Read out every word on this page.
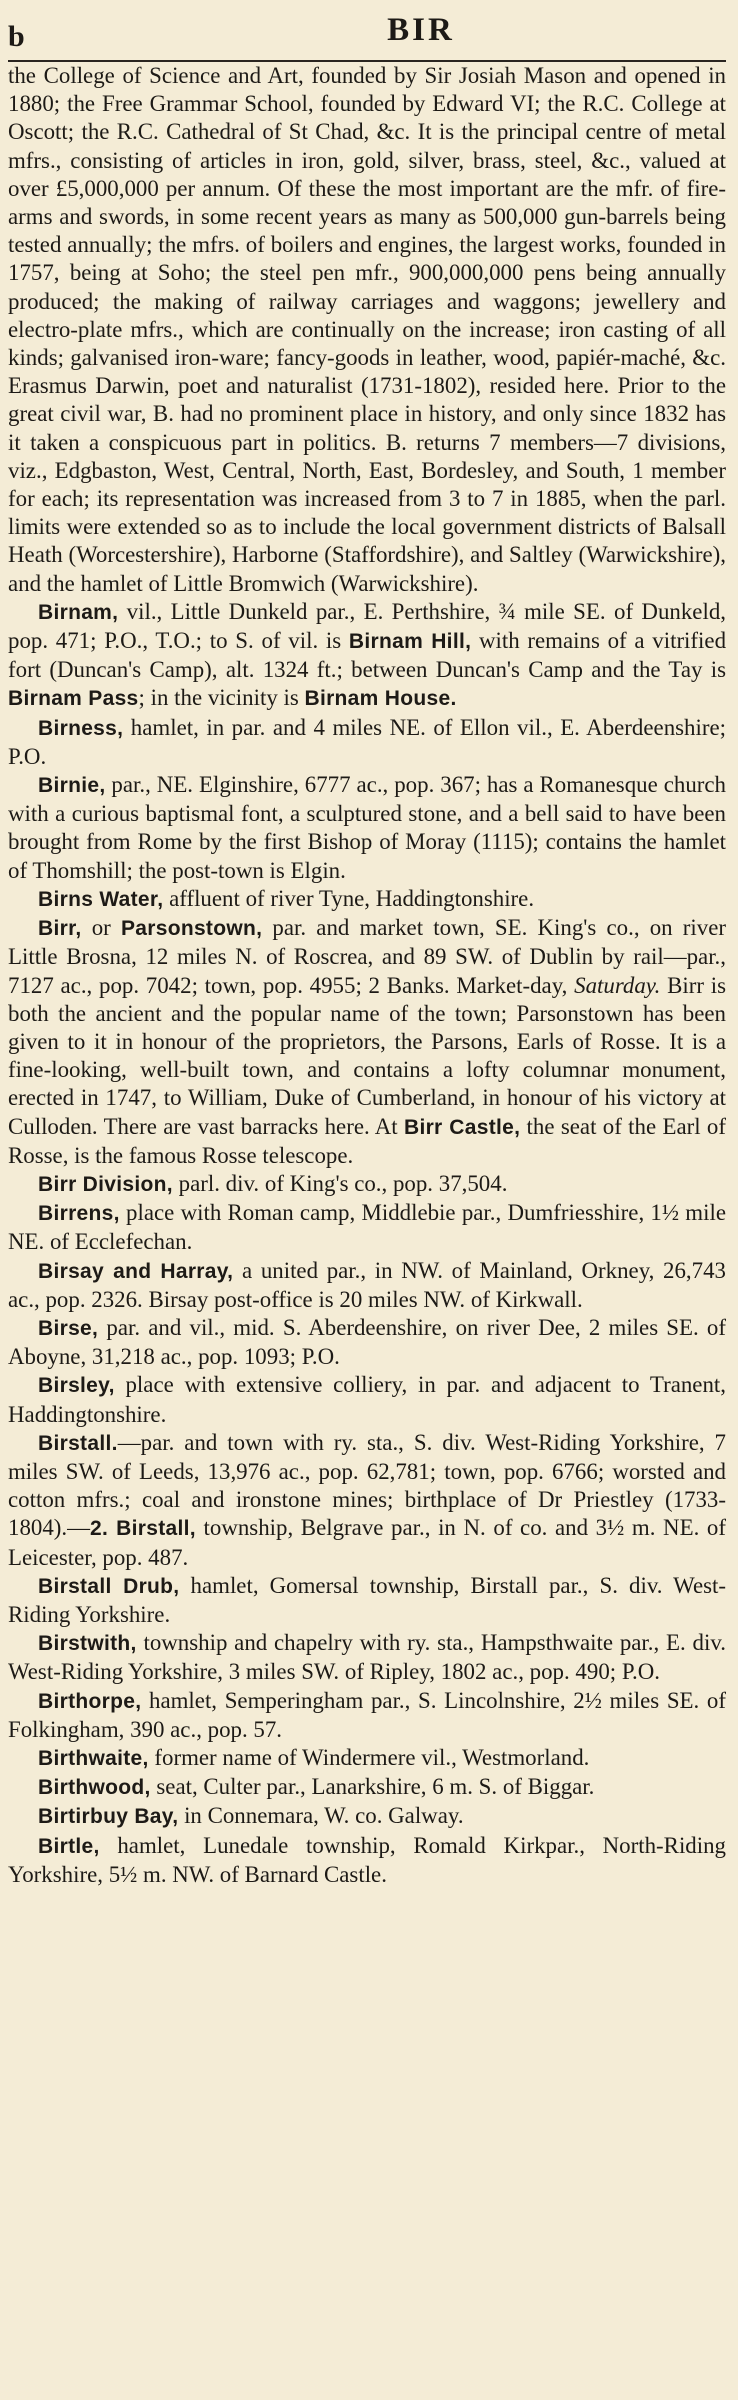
b	BIR

the College of Science and Art, founded by Sir Josiah Mason and opened in 1880; the Free Grammar School, founded by Edward VI; the R.C. College at Oscott; the R.C. Cathedral of St Chad, &c. It is the principal centre of metal mfrs., consisting of articles in iron, gold, silver, brass, steel, &c., valued at over £5,000,000 per annum. Of these the most important are the mfr. of fire-arms and swords, in some recent years as many as 500,000 gun-barrels being tested annually; the mfrs. of boilers and engines, the largest works, founded in 1757, being at Soho; the steel pen mfr., 900,000,000 pens being annually produced; the making of railway carriages and waggons; jewellery and electro-plate mfrs., which are continually on the increase; iron casting of all kinds; galvanised iron-ware; fancy-goods in leather, wood, papiér-maché, &c. Erasmus Darwin, poet and naturalist (1731-1802), resided here. Prior to the great civil war, B. had no prominent place in history, and only since 1832 has it taken a conspicuous part in politics. B. returns 7 members—7 divisions, viz., Edgbaston, West, Central, North, East, Bordesley, and South, 1 member for each; its representation was increased from 3 to 7 in 1885, when the parl. limits were extended so as to include the local government districts of Balsall Heath (Worcestershire), Harborne (Staffordshire), and Saltley (Warwickshire), and the hamlet of Little Bromwich (Warwickshire).

Birnam, vil., Little Dunkeld par., E. Perthshire, ¾ mile SE. of Dunkeld, pop. 471; P.O., T.O.; to S. of vil. is Birnam Hill, with remains of a vitrified fort (Duncan's Camp), alt. 1324 ft.; between Duncan's Camp and the Tay is Birnam Pass; in the vicinity is Birnam House.

Birness, hamlet, in par. and 4 miles NE. of Ellon vil., E. Aberdeenshire; P.O.

Birnie, par., NE. Elginshire, 6777 ac., pop. 367; has a Romanesque church with a curious baptismal font, a sculptured stone, and a bell said to have been brought from Rome by the first Bishop of Moray (1115); contains the hamlet of Thomshill; the post-town is Elgin.

Birns Water, affluent of river Tyne, Haddingtonshire.

Birr, or Parsonstown, par. and market town, SE. King's co., on river Little Brosna, 12 miles N. of Roscrea, and 89 SW. of Dublin by rail—par., 7127 ac., pop. 7042; town, pop. 4955; 2 Banks. Market-day, Saturday. Birr is both the ancient and the popular name of the town; Parsonstown has been given to it in honour of the proprietors, the Parsons, Earls of Rosse. It is a fine-looking, well-built town, and contains a lofty columnar monument, erected in 1747, to William, Duke of Cumberland, in honour of his victory at Culloden. There are vast barracks here. At Birr Castle, the seat of the Earl of Rosse, is the famous Rosse telescope.

Birr Division, parl. div. of King's co., pop. 37,504.

Birrens, place with Roman camp, Middlebie par., Dumfriesshire, 1½ mile NE. of Ecclefechan.

Birsay and Harray, a united par., in NW. of Mainland, Orkney, 26,743 ac., pop. 2326. Birsay post-office is 20 miles NW. of Kirkwall.

Birse, par. and vil., mid. S. Aberdeenshire, on river Dee, 2 miles SE. of Aboyne, 31,218 ac., pop. 1093; P.O.

Birsley, place with extensive colliery, in par. and adjacent to Tranent, Haddingtonshire.

Birstall.—par. and town with ry. sta., S. div. West-Riding Yorkshire, 7 miles SW. of Leeds, 13,976 ac., pop. 62,781; town, pop. 6766; worsted and cotton mfrs.; coal and ironstone mines; birthplace of Dr Priestley (1733-1804).—2. Birstall, township, Belgrave par., in N. of co. and 3½ m. NE. of Leicester, pop. 487.

Birstall Drub, hamlet, Gomersal township, Birstall par., S. div. West-Riding Yorkshire.

Birstwith, township and chapelry with ry. sta., Hampsthwaite par., E. div. West-Riding Yorkshire, 3 miles SW. of Ripley, 1802 ac., pop. 490; P.O.

Birthorpe, hamlet, Semperingham par., S. Lincolnshire, 2½ miles SE. of Folkingham, 390 ac., pop. 57.

Birthwaite, former name of Windermere vil., Westmorland.

Birthwood, seat, Culter par., Lanarkshire, 6 m. S. of Biggar.

Birtirbuy Bay, in Connemara, W. co. Galway.

Birtle, hamlet, Lunedale township, Romald Kirkpar., North-Riding Yorkshire, 5½ m. NW. of Barnard Castle.
